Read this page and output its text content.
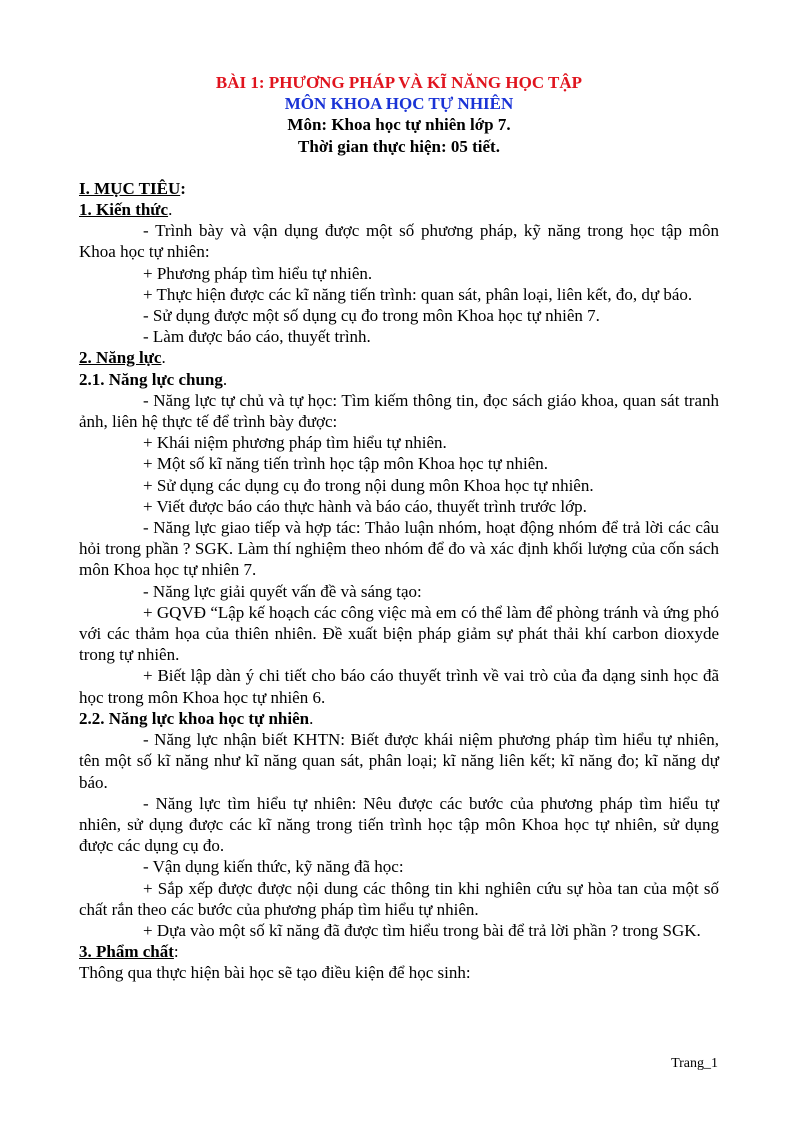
BÀI 1: PHƯƠNG PHÁP VÀ KĨ NĂNG HỌC TẬP
MÔN KHOA HỌC TỰ NHIÊN
Môn: Khoa học tự nhiên lớp 7.
Thời gian thực hiện: 05 tiết.
I. MỤC TIÊU:
1. Kiến thức.

- Trình bày và vận dụng được một số phương pháp, kỹ năng trong học tập môn Khoa học tự nhiên:

+ Phương pháp tìm hiểu tự nhiên.

+ Thực hiện được các kĩ năng tiến trình: quan sát, phân loại, liên kết, đo, dự báo.

- Sử dụng được một số dụng cụ đo trong môn Khoa học tự nhiên 7.

- Làm được báo cáo, thuyết trình.

2. Năng lực.
2.1. Năng lực chung.

- Năng lực tự chủ và tự học: Tìm kiếm thông tin, đọc sách giáo khoa, quan sát tranh ảnh, liên hệ thực tế để trình bày được:

+ Khái niệm phương pháp tìm hiểu tự nhiên.

+ Một số kĩ năng tiến trình học tập môn Khoa học tự nhiên.

+ Sử dụng các dụng cụ đo trong nội dung môn Khoa học tự nhiên.

+ Viết được báo cáo thực hành và báo cáo, thuyết trình trước lớp.

- Năng lực giao tiếp và hợp tác: Thảo luận nhóm, hoạt động nhóm để trả lời các câu hỏi trong phần ? SGK. Làm thí nghiệm theo nhóm để đo và xác định khối lượng của cốn sách môn Khoa học tự nhiên 7.

- Năng lực giải quyết vấn đề và sáng tạo:

+ GQVĐ “Lập kế hoạch các công việc mà em có thể làm để phòng tránh và ứng phó với các thảm họa của thiên nhiên. Đề xuất biện pháp giảm sự phát thải khí carbon dioxyde trong tự nhiên.

+ Biết lập dàn ý chi tiết cho báo cáo thuyết trình về vai trò của đa dạng sinh học đã học trong môn Khoa học tự nhiên 6.

2.2. Năng lực khoa học tự nhiên.

- Năng lực nhận biết KHTN: Biết được khái niệm phương pháp tìm hiểu tự nhiên, tên một số kĩ năng như kĩ năng quan sát, phân loại; kĩ năng liên kết; kĩ năng đo; kĩ năng dự báo.

- Năng lực tìm hiểu tự nhiên: Nêu được các bước của phương pháp tìm hiểu tự nhiên, sử dụng được các kĩ năng trong tiến trình học tập môn Khoa học tự nhiên, sử dụng được các dụng cụ đo.

- Vận dụng kiến thức, kỹ năng đã học:

+ Sắp xếp được được nội dung các thông tin khi nghiên cứu sự hòa tan của một số chất rắn theo các bước của phương pháp tìm hiểu tự nhiên.

+ Dựa vào một số kĩ năng đã được tìm hiểu trong bài để trả lời phần ? trong SGK.

3. Phẩm chất:

Thông qua thực hiện bài học sẽ tạo điều kiện để học sinh:

Trang_1
